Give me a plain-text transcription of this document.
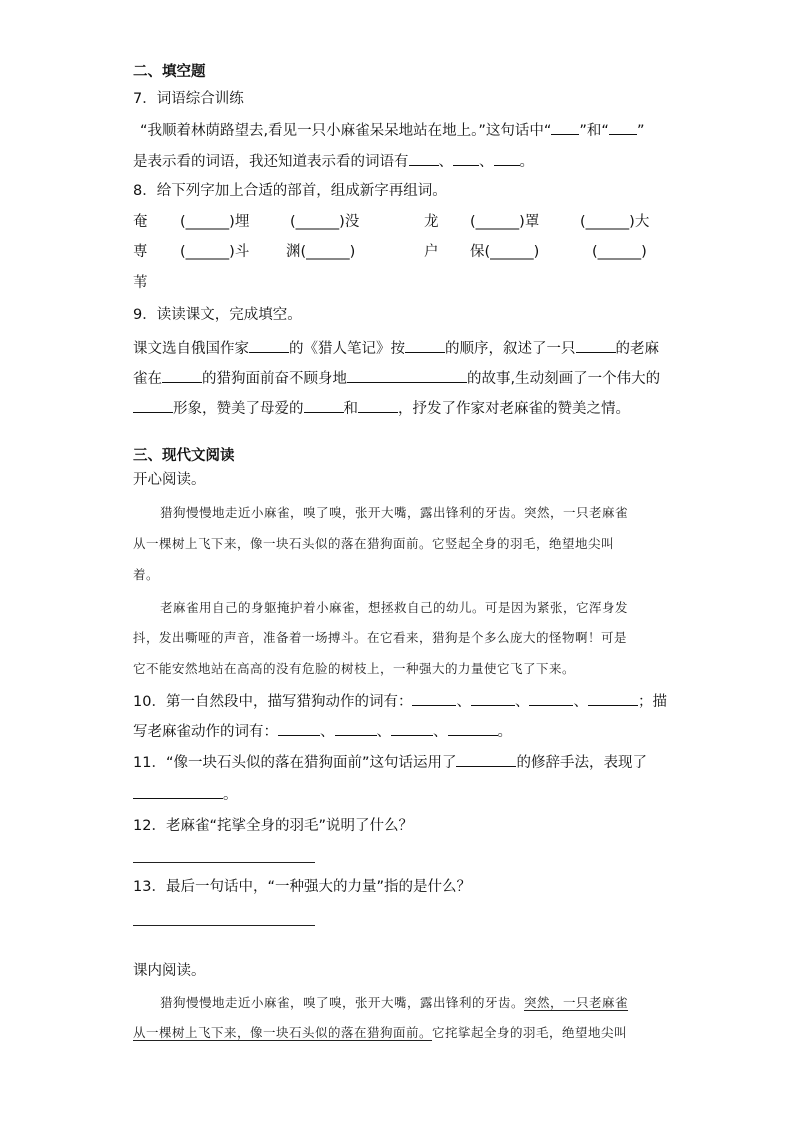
二、填空题
7．词语综合训练
“我顺着林荫路望去,看见一只小麻雀呆呆地站在地上。”这句话中“ ”和“ ”
是表示看的词语，我还知道表示看的词语有 、 、 。
8．给下列字加上合适的部首，组成新字再组词。
奄 (______)埋	(______)没	龙 (______)罩	(______)大
専 (______)斗	渊(______)	户 保(______)	(______)
苇
9．读读课文，完成填空。
课文选自俄国作家	的《猎人笔记》按	的顺序，叙述了一只	的老麻
雀在	的猎狗面前奋不顾身地	的故事,生动刻画了一个伟大的
形象，赞美了母爱的	和	，抒发了作家对老麻雀的赞美之情。
三、现代文阅读
开心阅读。
猎狗慢慢地走近小麻雀，嗅了嗅，张开大嘴，露出锋利的牙齿。突然，一只老麻雀
从一棵树上飞下来，像一块石头似的落在猎狗面前。它竖起全身的羽毛，绝望地尖叫
着。
老麻雀用自己的身躯掩护着小麻雀，想拯救自己的幼儿。可是因为紧张，它浑身发
抖，发出嘶哑的声音，准备着一场搏斗。在它看来，猎狗是个多么庞大的怪物啊！可是
它不能安然地站在高高的没有危脸的树枝上，一种强大的力量使它飞了下来。
10．第一自然段中，描写猎狗动作的词有：	、	、	、	；描
写老麻雀动作的词有：	、	、	、	。
11．“像一块石头似的落在猎狗面前”这句话运用了	的修辞手法，表现了
。
12．老麻雀“挓挲全身的羽毛”说明了什么？
13．最后一句话中，“一种强大的力量”指的是什么？
课内阅读。
猎狗慢慢地走近小麻雀，嗅了嗅，张开大嘴，露出锋利的牙齿。突然，一只老麻雀
从一棵树上飞下来，像一块石头似的落在猎狗面前。它挓挲起全身的羽毛，绝望地尖叫
